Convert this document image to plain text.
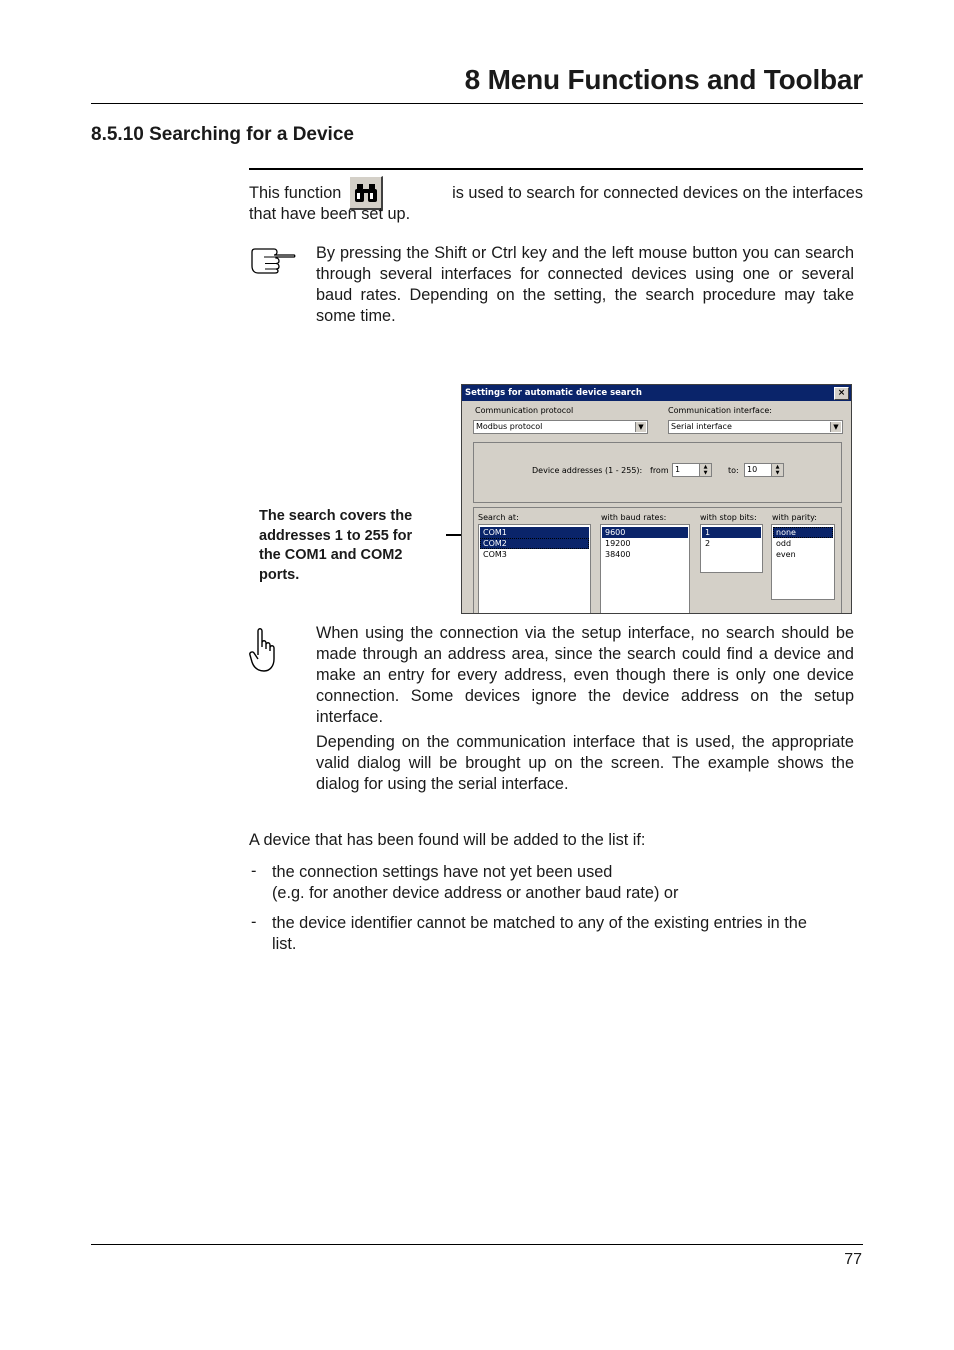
8 Menu Functions and Toolbar
8.5.10 Searching for a Device
This function	is used to search for connected devices on the interfaces
that have been set up.
By pressing the Shift or Ctrl key and the left mouse button you can search through several interfaces for connected devices using one or several baud rates. Depending on the setting, the search procedure may take some time.
The search covers the addresses 1 to 255 for the COM1 and COM2 ports.
Settings for automatic device search	×
Communication protocol
Modbus protocol	▼
Communication interface:
Serial interface	▼
Device addresses (1 - 255): from 1	▲
▼	to: 10	▲
▼
Search at:
COM1
COM2
COM3
with baud rates:
9600
19200
38400
with stop bits:
1
2
with parity:
none
odd
even
When using the connection via the setup interface, no search should be made through an address area, since the search could find a device and make an entry for every address, even though there is only one device connection. Some devices ignore the device address on the setup interface.
Depending on the communication interface that is used, the appropriate valid dialog will be brought up on the screen. The example shows the dialog for using the serial interface.
A device that has been found will be added to the list if:
- the connection settings have not yet been used
(e.g. for another device address or another baud rate) or
- the device identifier cannot be matched to any of the existing entries in the
list.
77
